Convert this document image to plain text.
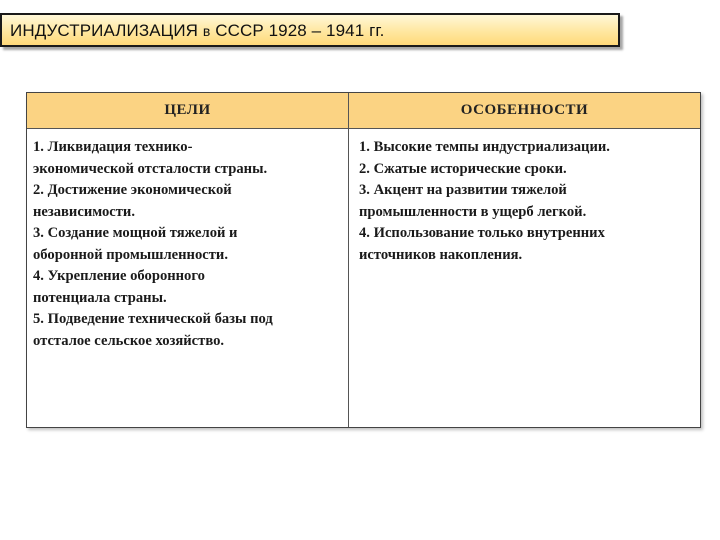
ИНДУСТРИАЛИЗАЦИЯ в СССР 1928 – 1941 гг.
ЦЕЛИ	ОСОБЕННОСТИ
1. Ликвидация технико-
экономической отсталости страны.
2. Достижение экономической
независимости.
3. Создание мощной тяжелой и
оборонной промышленности.
4. Укрепление оборонного
потенциала страны.
5. Подведение технической базы под
отсталое сельское хозяйство.
1. Высокие темпы индустриализации.
2. Сжатые исторические сроки.
3. Акцент на развитии тяжелой
промышленности в ущерб легкой.
4. Использование только внутренних
источников накопления.
